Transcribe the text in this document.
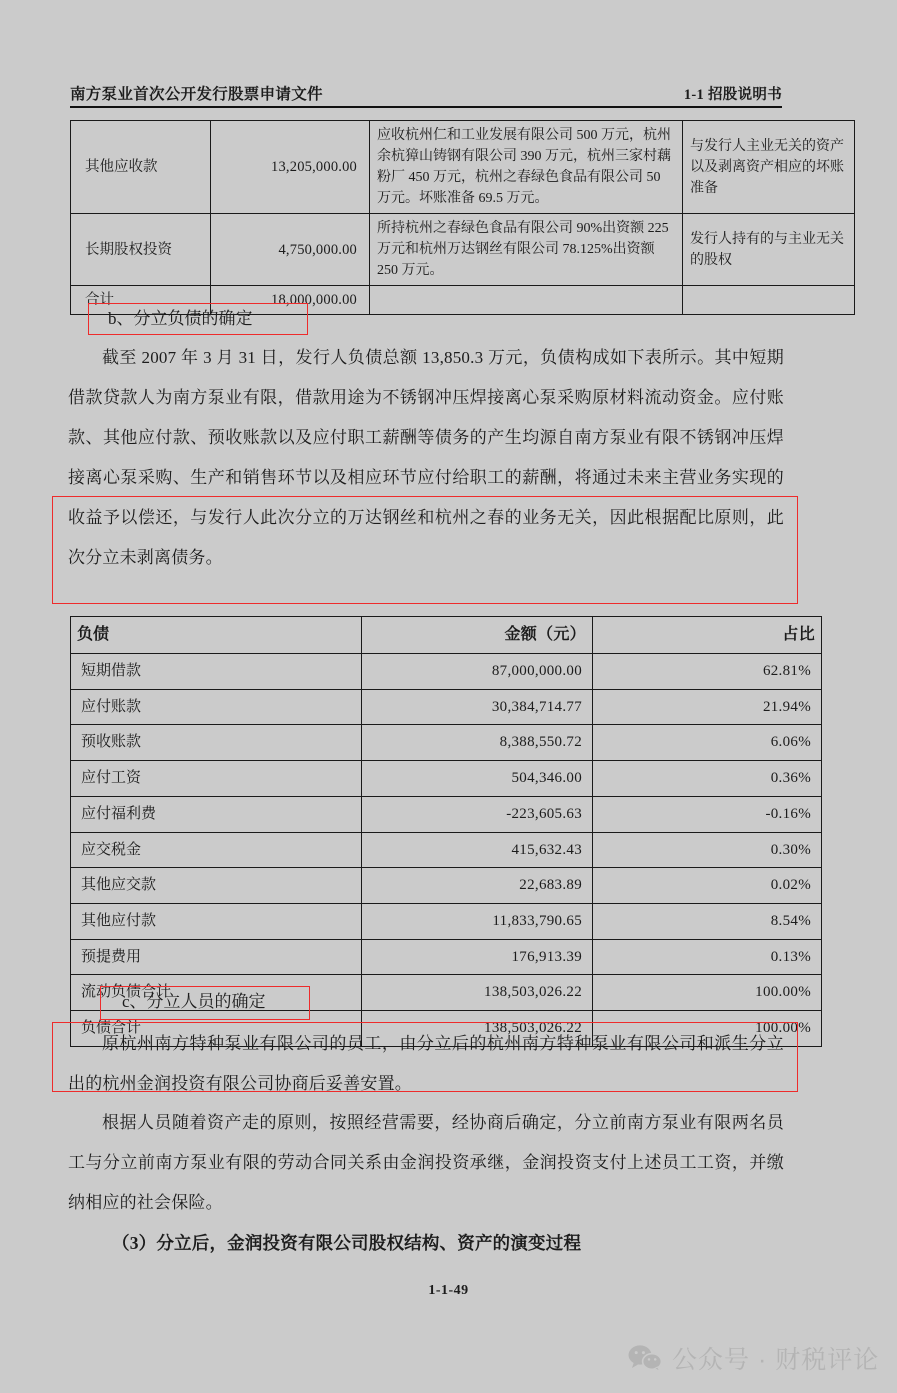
南方泵业首次公开发行股票申请文件	1-1 招股说明书
其他应收款	13,205,000.00	应收杭州仁和工业发展有限公司 500 万元，杭州余杭獐山铸钢有限公司 390 万元，杭州三家村藕粉厂 450 万元，杭州之春绿色食品有限公司 50 万元。坏账准备 69.5 万元。	与发行人主业无关的资产以及剥离资产相应的坏账准备
长期股权投资	4,750,000.00	所持杭州之春绿色食品有限公司 90%出资额 225 万元和杭州万达钢丝有限公司 78.125%出资额 250 万元。	发行人持有的与主业无关的股权
合计	18,000,000.00		
b、分立负债的确定
截至 2007 年 3 月 31 日，发行人负债总额 13,850.3 万元，负债构成如下表所示。其中短期借款贷款人为南方泵业有限，借款用途为不锈钢冲压焊接离心泵采购原材料流动资金。应付账款、其他应付款、预收账款以及应付职工薪酬等债务的产生均源自南方泵业有限不锈钢冲压焊接离心泵采购、生产和销售环节以及相应环节应付给职工的薪酬，将通过未来主营业务实现的收益予以偿还，与发行人此次分立的万达钢丝和杭州之春的业务无关，因此根据配比原则，此次分立未剥离债务。
负债	金额（元）	占比
短期借款	87,000,000.00	62.81%
应付账款	30,384,714.77	21.94%
预收账款	8,388,550.72	6.06%
应付工资	504,346.00	0.36%
应付福利费	-223,605.63	-0.16%
应交税金	415,632.43	0.30%
其他应交款	22,683.89	0.02%
其他应付款	11,833,790.65	8.54%
预提费用	176,913.39	0.13%
流动负债合计	138,503,026.22	100.00%
负债合计	138,503,026.22	100.00%
c、分立人员的确定
原杭州南方特种泵业有限公司的员工，由分立后的杭州南方特种泵业有限公司和派生分立出的杭州金润投资有限公司协商后妥善安置。
根据人员随着资产走的原则，按照经营需要，经协商后确定，分立前南方泵业有限两名员工与分立前南方泵业有限的劳动合同关系由金润投资承继，金润投资支付上述员工工资，并缴纳相应的社会保险。
（3）分立后，金润投资有限公司股权结构、资产的演变过程
1-1-49
公众号 · 财税评论
